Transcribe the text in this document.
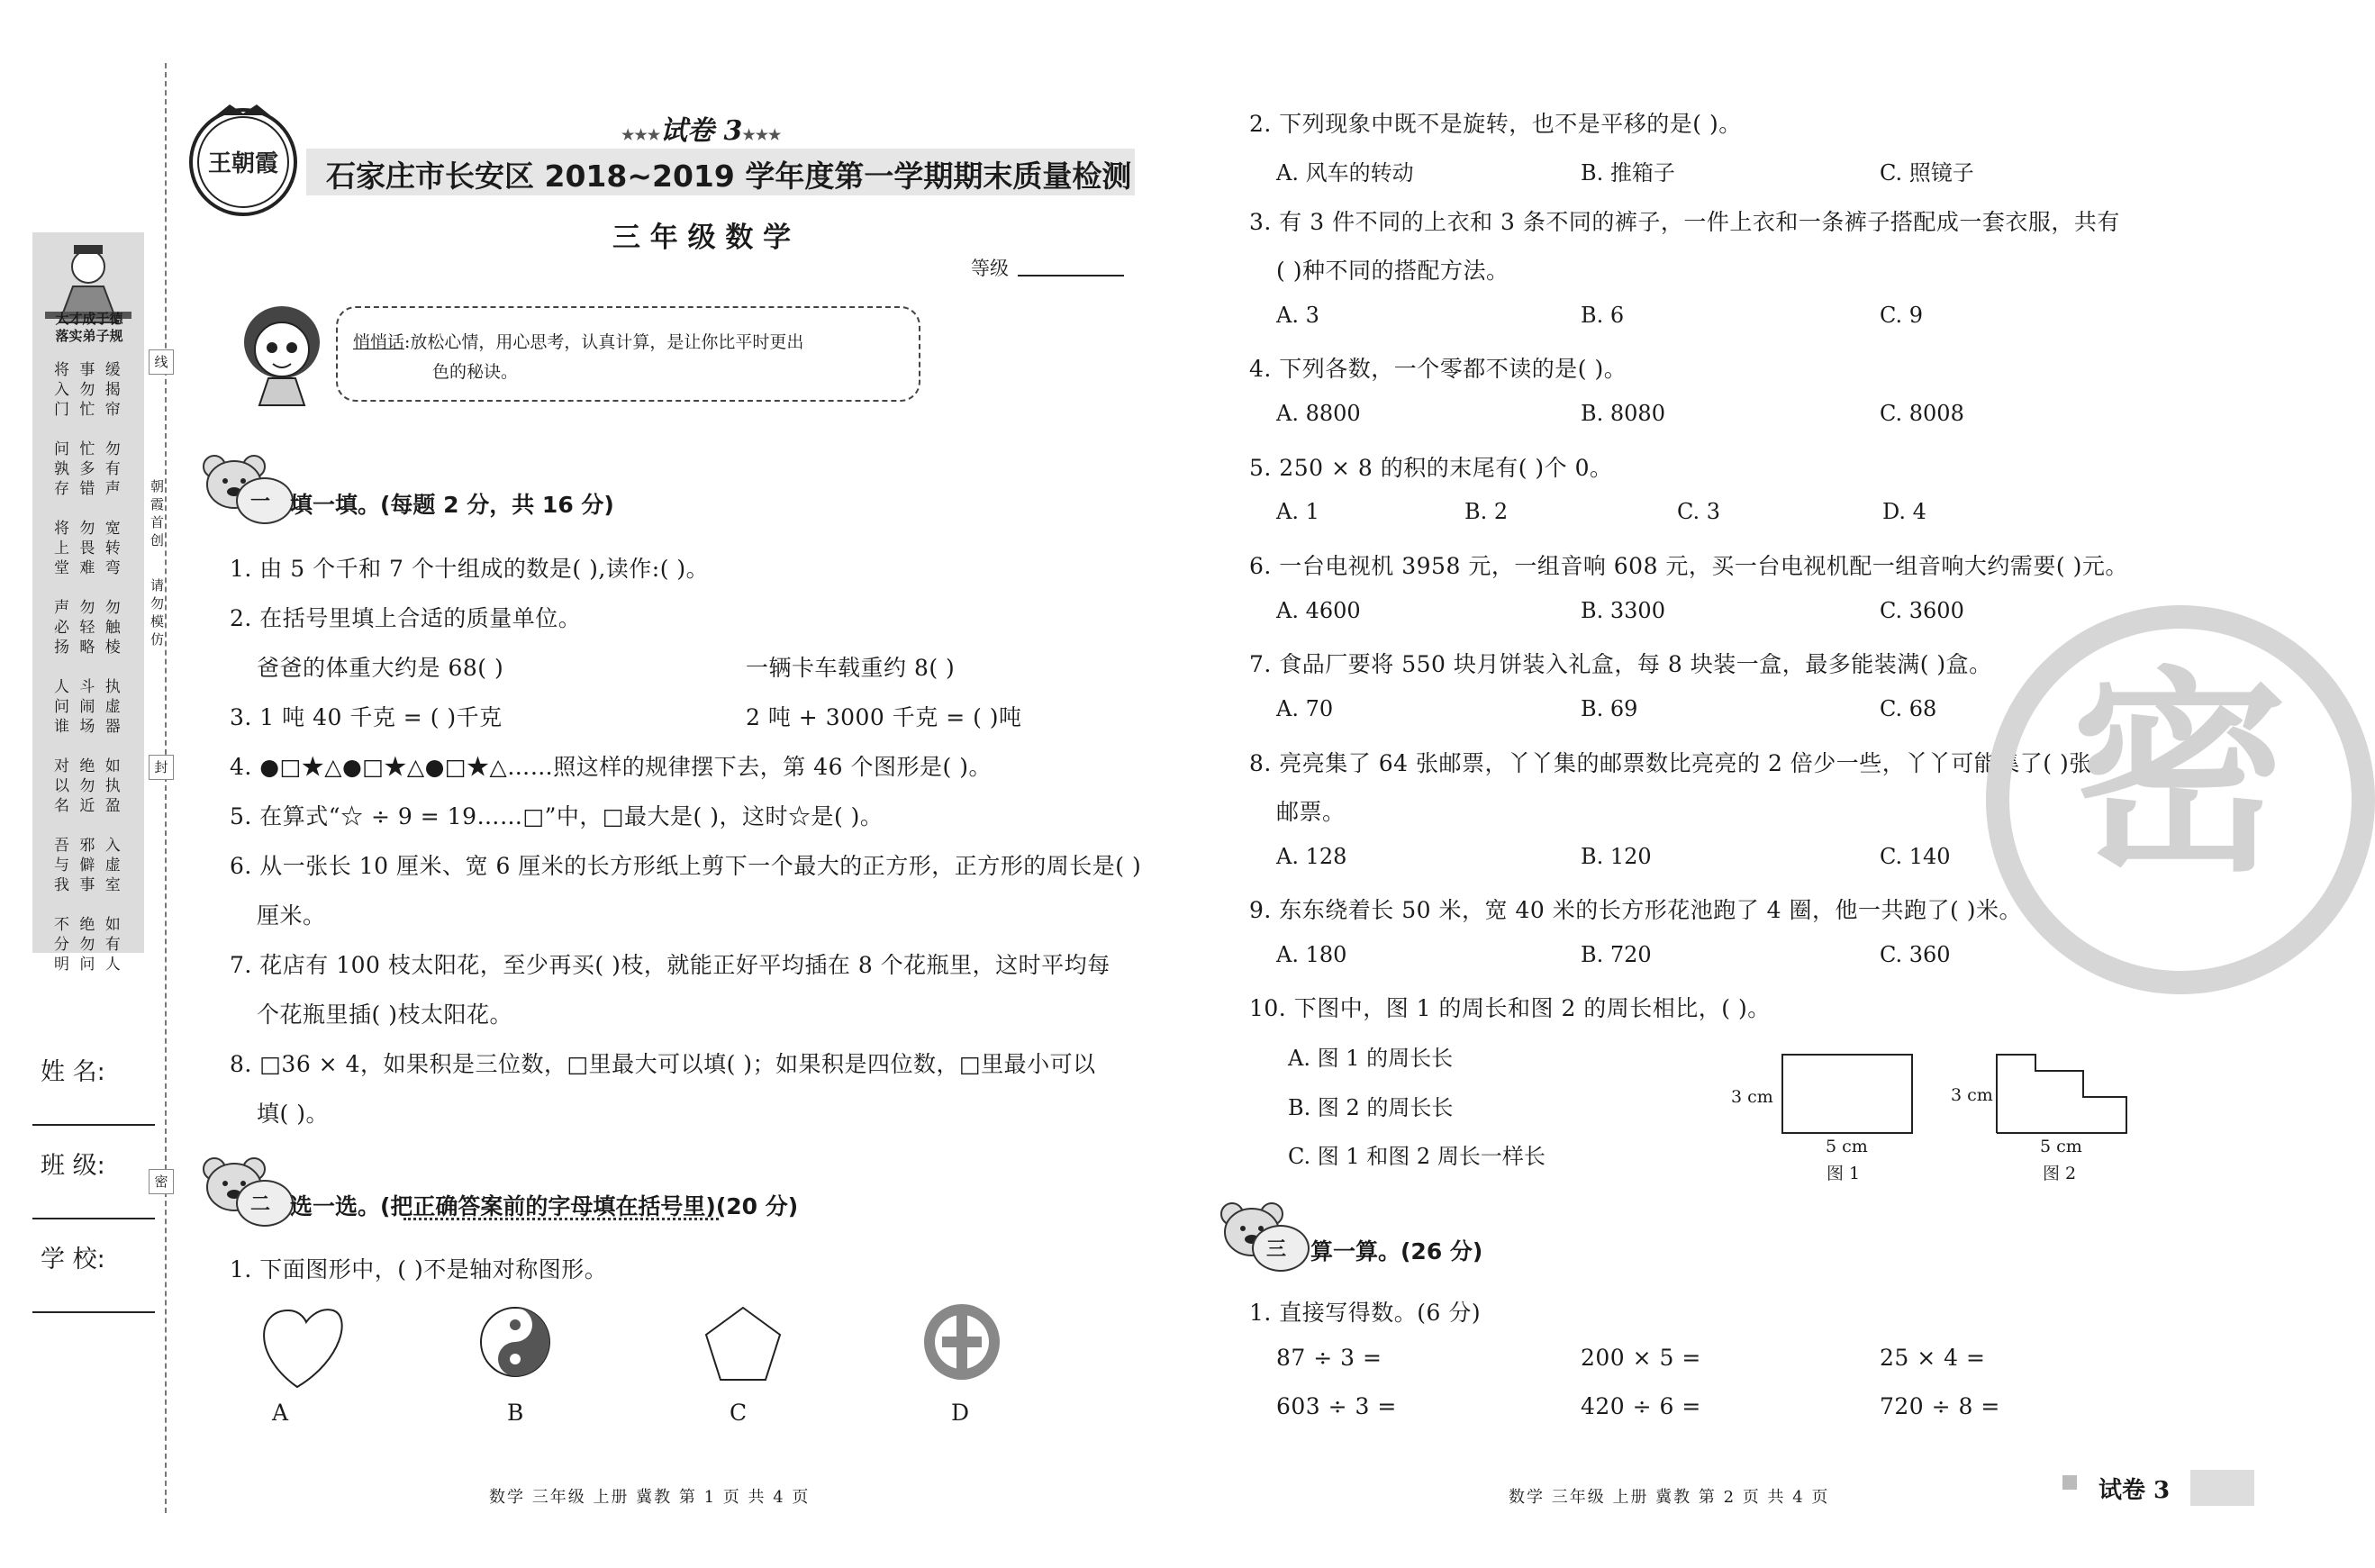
线
封
密
朝霞首创
请勿模仿
大才成于德
落实弟子规
将 事 缓
入 勿 揭
门 忙 帘

问 忙 勿
孰 多 有
存 错 声

将 勿 宽
上 畏 转
堂 难 弯

声 勿 勿
必 轻 触
扬 略 棱

人 斗 执
问 闹 虚
谁 场 器

对 绝 如
以 勿 执
名 近 盈

吾 邪 入
与 僻 虚
我 事 室

不 绝 如
分 勿 有
明 问 人
姓 名:
班 级:
学 校:
王朝霞
★★★试卷 3★★★
石家庄市长安区 2018~2019 学年度第一学期期末质量检测
三 年 级 数 学
等级
悄悄话:放松心情，用心思考，认真计算，是让你比平时更出
色的秘诀。
一 填一填。(每题 2 分，共 16 分)
1. 由 5 个千和 7 个十组成的数是( ),读作:( )。
2. 在括号里填上合适的质量单位。
爸爸的体重大约是 68( )	一辆卡车载重约 8( )
3. 1 吨 40 千克 = ( )千克	2 吨 + 3000 千克 = ( )吨
4. ●□★△●□★△●□★△……照这样的规律摆下去，第 46 个图形是( )。
5. 在算式“☆ ÷ 9 = 19……□”中，□最大是( )，这时☆是( )。
6. 从一张长 10 厘米、宽 6 厘米的长方形纸上剪下一个最大的正方形，正方形的周长是( )
厘米。
7. 花店有 100 枝太阳花，至少再买( )枝，就能正好平均插在 8 个花瓶里，这时平均每
个花瓶里插( )枝太阳花。
8. □36 × 4，如果积是三位数，□里最大可以填( )；如果积是四位数，□里最小可以
填( )。
二 选一选。(把正确答案前的字母填在括号里)(20 分)
1. 下面图形中，( )不是轴对称图形。
A	B	C	D
2. 下列现象中既不是旋转，也不是平移的是( )。
A. 风车的转动	B. 推箱子	C. 照镜子
3. 有 3 件不同的上衣和 3 条不同的裤子，一件上衣和一条裤子搭配成一套衣服，共有
( )种不同的搭配方法。
A. 3	B. 6	C. 9
4. 下列各数，一个零都不读的是( )。
A. 8800	B. 8080	C. 8008
5. 250 × 8 的积的末尾有( )个 0。
A. 1	B. 2	C. 3	D. 4
6. 一台电视机 3958 元，一组音响 608 元，买一台电视机配一组音响大约需要( )元。
A. 4600	B. 3300	C. 3600
7. 食品厂要将 550 块月饼装入礼盒，每 8 块装一盒，最多能装满( )盒。
A. 70	B. 69	C. 68
8. 亮亮集了 64 张邮票，丫丫集的邮票数比亮亮的 2 倍少一些，丫丫可能集了( )张
邮票。
A. 128	B. 120	C. 140
9. 东东绕着长 50 米，宽 40 米的长方形花池跑了 4 圈，他一共跑了( )米。
A. 180	B. 720	C. 360
10. 下图中，图 1 的周长和图 2 的周长相比，( )。
A. 图 1 的周长长
B. 图 2 的周长长
C. 图 1 和图 2 周长一样长
3 cm
5 cm
图 1
3 cm
5 cm
图 2
三 算一算。(26 分)
1. 直接写得数。(6 分)
87 ÷ 3 =	200 × 5 =	25 × 4 =
603 ÷ 3 =	420 ÷ 6 =	720 ÷ 8 =
密
数学 三年级 上册 冀教 第 1 页 共 4 页	数学 三年级 上册 冀教 第 2 页 共 4 页	试卷 3
